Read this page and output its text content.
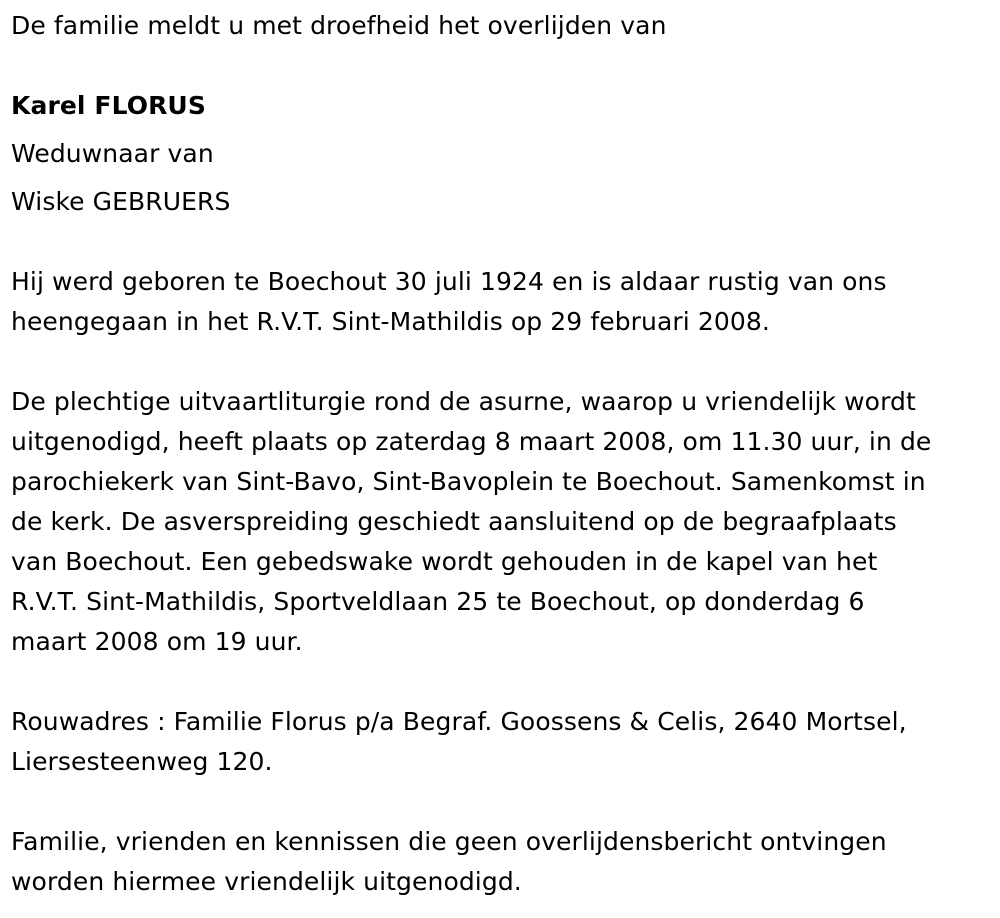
De familie meldt u met droefheid het overlijden van
Karel FLORUS
Weduwnaar van
Wiske GEBRUERS
Hij werd geboren te Boechout 30 juli 1924 en is aldaar rustig van ons
heengegaan in het R.V.T. Sint-Mathildis op 29 februari 2008.
De plechtige uitvaartliturgie rond de asurne, waarop u vriendelijk wordt
uitgenodigd, heeft plaats op zaterdag 8 maart 2008, om 11.30 uur, in de
parochiekerk van Sint-Bavo, Sint-Bavoplein te Boechout. Samenkomst in
de kerk. De asverspreiding geschiedt aansluitend op de begraafplaats
van Boechout. Een gebedswake wordt gehouden in de kapel van het
R.V.T. Sint-Mathildis, Sportveldlaan 25 te Boechout, op donderdag 6
maart 2008 om 19 uur.
Rouwadres : Familie Florus p/a Begraf. Goossens & Celis, 2640 Mortsel,
Liersesteenweg 120.
Familie, vrienden en kennissen die geen overlijdensbericht ontvingen
worden hiermee vriendelijk uitgenodigd.
